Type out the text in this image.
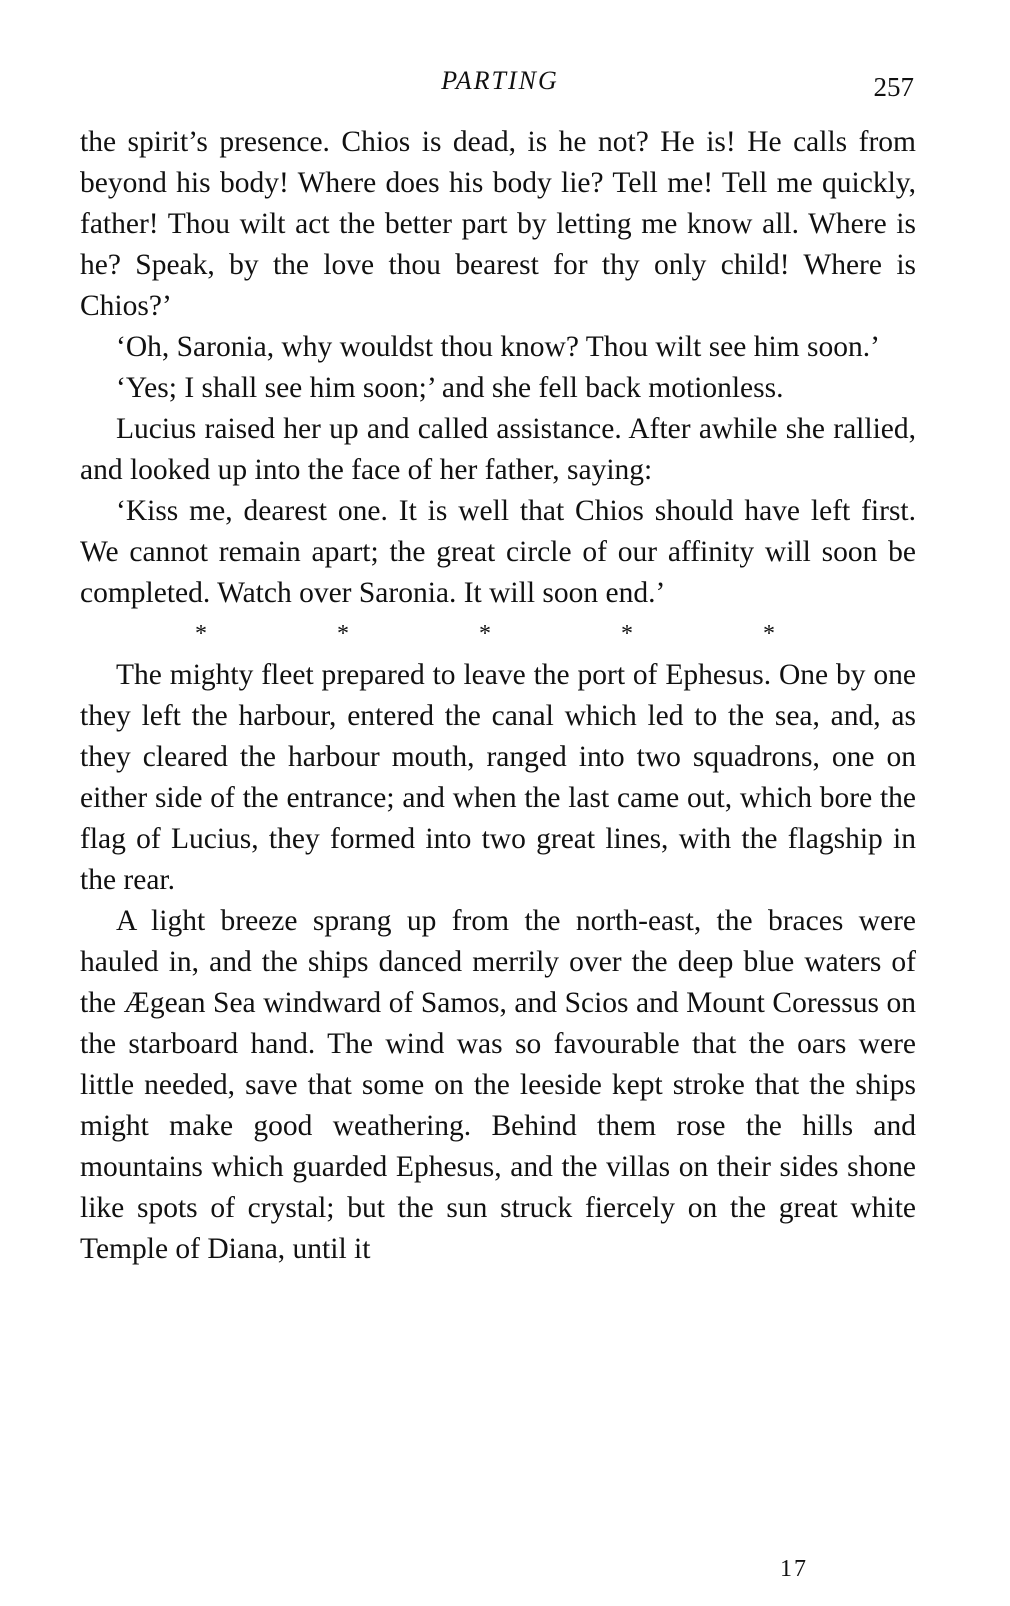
PARTING	257

the spirit’s presence. Chios is dead, is he not? He is! He calls from beyond his body! Where does his body lie? Tell me! Tell me quickly, father! Thou wilt act the better part by letting me know all. Where is he? Speak, by the love thou bearest for thy only child! Where is Chios?’

‘Oh, Saronia, why wouldst thou know? Thou wilt see him soon.’

‘Yes; I shall see him soon;’ and she fell back motionless.

Lucius raised her up and called assistance. After awhile she rallied, and looked up into the face of her father, saying:

‘Kiss me, dearest one. It is well that Chios should have left first. We cannot remain apart; the great circle of our affinity will soon be completed. Watch over Saronia. It will soon end.’

*	*	*	*	*

The mighty fleet prepared to leave the port of Ephesus. One by one they left the harbour, entered the canal which led to the sea, and, as they cleared the harbour mouth, ranged into two squadrons, one on either side of the entrance; and when the last came out, which bore the flag of Lucius, they formed into two great lines, with the flagship in the rear.

A light breeze sprang up from the north-east, the braces were hauled in, and the ships danced merrily over the deep blue waters of the Ægean Sea windward of Samos, and Scios and Mount Coressus on the starboard hand. The wind was so favourable that the oars were little needed, save that some on the leeside kept stroke that the ships might make good weathering. Behind them rose the hills and mountains which guarded Ephesus, and the villas on their sides shone like spots of crystal; but the sun struck fiercely on the great white Temple of Diana, until it

17
